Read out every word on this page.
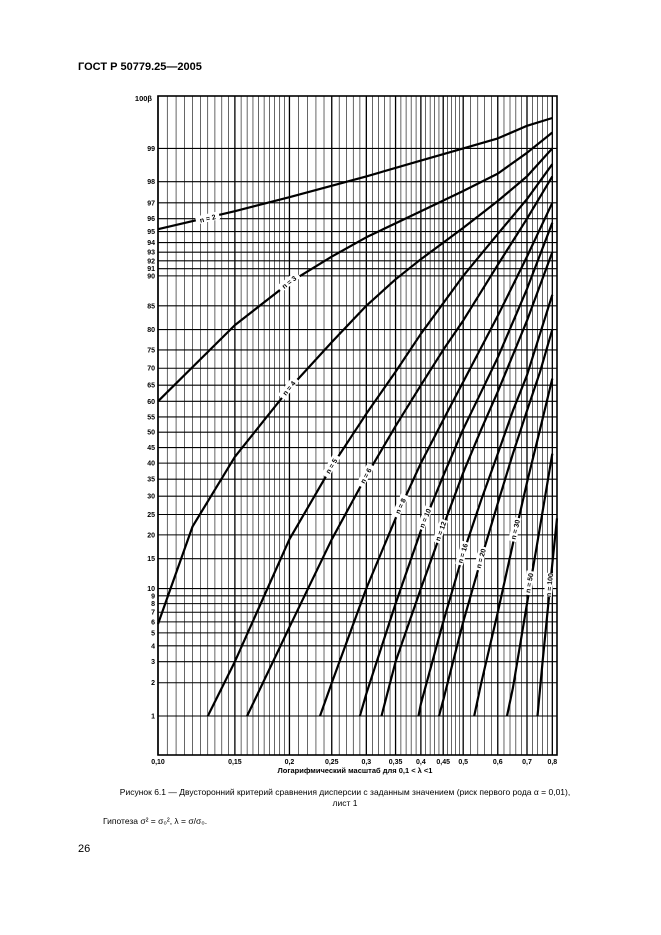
ГОСТ Р 50779.25—2005
1
2
3
4
5
6
7
8
9
10
15
20
25
30
35
40
45
50
55
60
65
70
75
80
85
90
91
92
93
94
95
96
97
98
99
0,10	0,15	0,2	0,25	0,3	0,35 0,4 0,45 0,5	0,6	0,7 0,8
n = 2
n = 3
n = 4
n = 5
n = 6
n = 8
n = 10
n = 12
n = 16 n = 20
n = 30
n = 50 n = 100
100β
Логарифмический масштаб для 0,1 < λ <1
Рисунок 6.1 — Двусторонний критерий сравнения дисперсии с заданным значением (риск первого рода α = 0,01),
лист 1
Гипотеза σ² = σ₀², λ = σ/σ₀.
26
